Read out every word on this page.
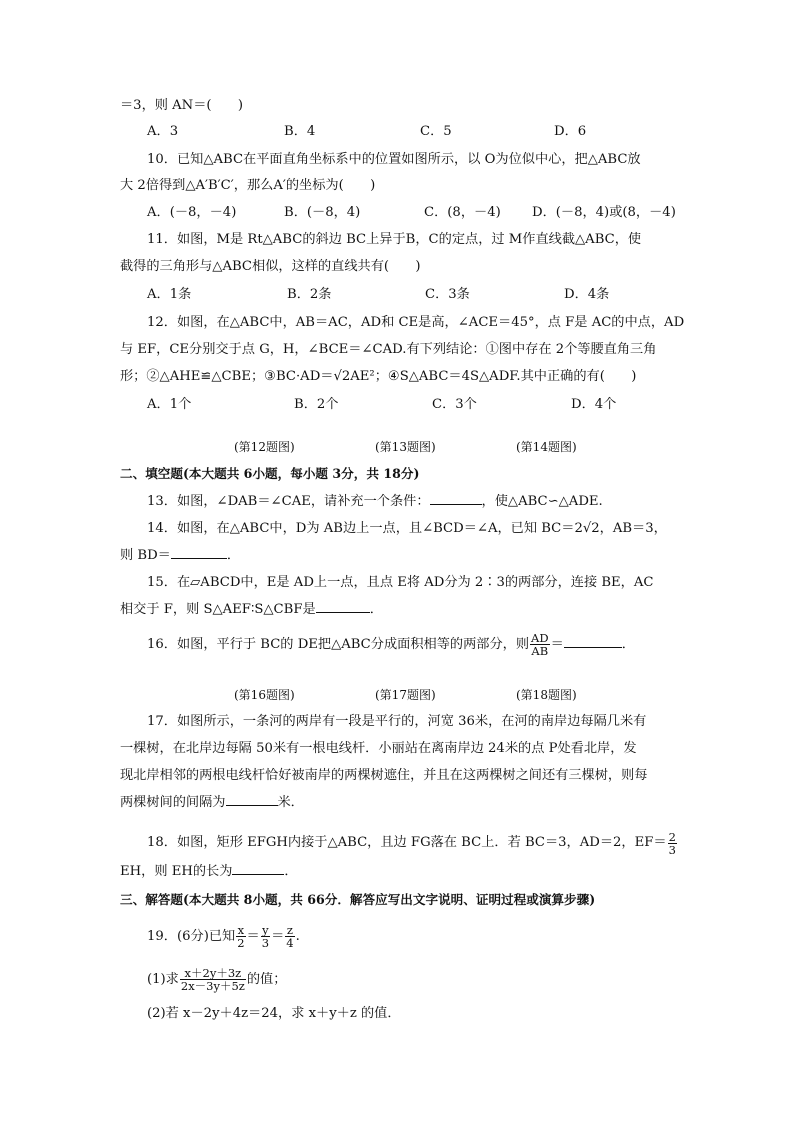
＝3，则 AN＝(　　)
A．3	B．4	C．5	D．6
10．已知△ABC在平面直角坐标系中的位置如图所示，以 O为位似中心，把△ABC放
大 2倍得到△A′B′C′，那么A′的坐标为(　　)
A．(－8，－4)	B．(－8，4)	C．(8，－4) D．(－8，4)或(8，－4)
11．如图，M是 Rt△ABC的斜边 BC上异于B，C的定点，过 M作直线截△ABC，使
截得的三角形与△ABC相似，这样的直线共有(　　)
A．1条	B．2条	C．3条	D．4条
12．如图，在△ABC中，AB＝AC，AD和 CE是高，∠ACE＝45°，点 F是 AC的中点，AD
与 EF，CE分别交于点 G，H，∠BCE＝∠CAD.有下列结论：①图中存在 2个等腰直角三角
形；②△AHE≌△CBE；③BC·AD＝√2AE²；④S△ABC＝4S△ADF.其中正确的有(　　)
A．1个	B．2个	C．3个	D．4个
(第12题图)	(第13题图)	(第14题图)
二、填空题(本大题共 6小题，每小题 3分，共 18分)
13．如图，∠DAB＝∠CAE，请补充一个条件：	，使△ABC∽△ADE.
14．如图，在△ABC中，D为 AB边上一点，且∠BCD＝∠A，已知 BC＝2√2，AB＝3，
则 BD＝	．
15．在▱ABCD中，E是 AD上一点，且点 E将 AD分为 2∶3的两部分，连接 BE，AC
相交于 F，则 S△AEF∶S△CBF是	．
16．如图，平行于 BC的 DE把△ABC分成面积相等的两部分，则 $\frac{AD}{AB}$ ＝	．
(第16题图)	(第17题图)	(第18题图)
17．如图所示，一条河的两岸有一段是平行的，河宽 36米，在河的南岸边每隔几米有
一棵树，在北岸边每隔 50米有一根电线杆．小丽站在离南岸边 24米的点 P处看北岸，发
现北岸相邻的两根电线杆恰好被南岸的两棵树遮住，并且在这两棵树之间还有三棵树，则每
两棵树间的间隔为	米．
18．如图，矩形 EFGH内接于△ABC，且边 FG落在 BC上．若 BC＝3，AD＝2，$EF= \frac{2}{3}$
EH，则 EH的长为	．
三、解答题(本大题共 8小题，共 66分．解答应写出文字说明、证明过程或演算步骤)
19．(6分)已知 $\frac{x}{2} = \frac{y}{3} = \frac{z}{4}$ .
(1)求 $\frac{x+2y+3z}{2x-3y+5z}$ 的值；
(2)若 x－2y＋4z＝24，求 x＋y＋z 的值．
